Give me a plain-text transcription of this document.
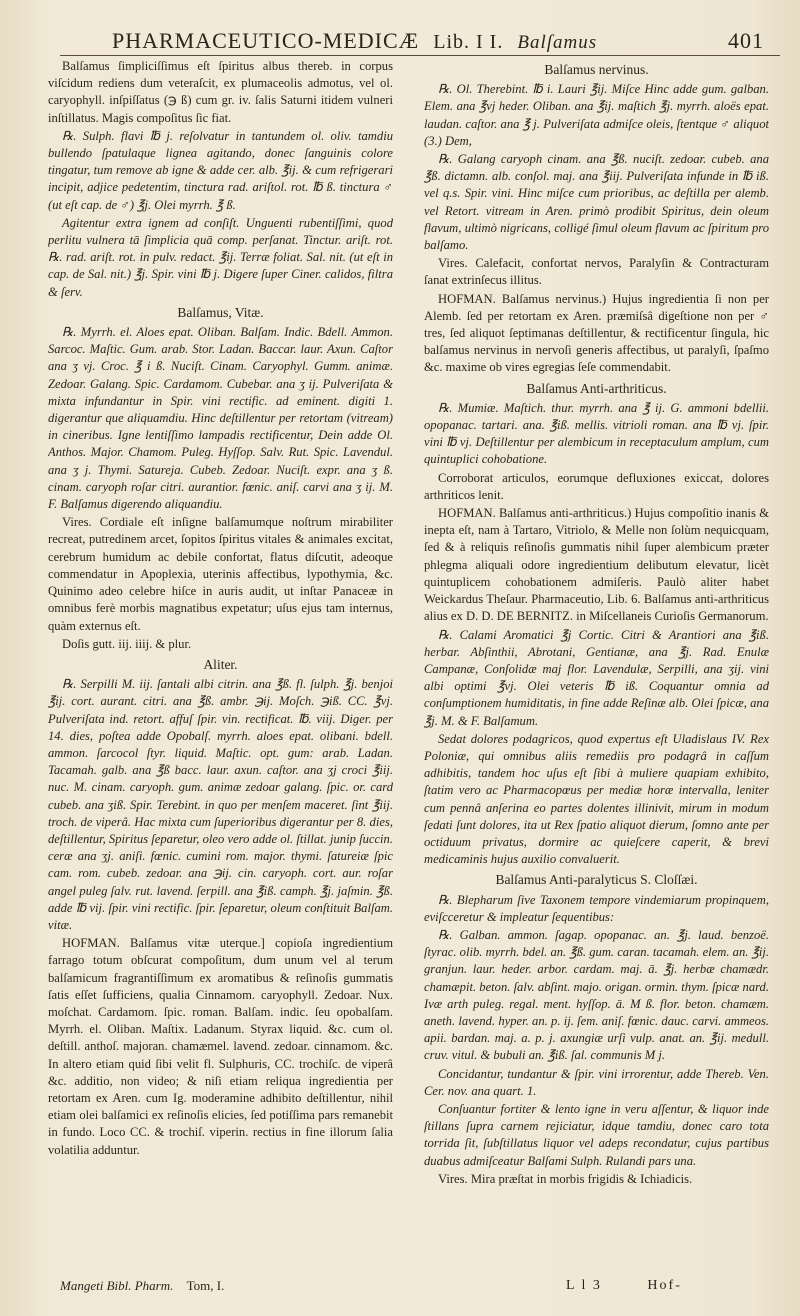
PHARMACEUTICO-MEDICÆ Lib. I I. Balſamus	401

Balſamus ſimpliciſſimus eſt ſpiritus albus thereb. in corpus viſcidum rediens dum veteraſcit, ex plumaceolis admotus, vel ol. caryophyll. inſpiſſatus (℈ ß) cum gr. iv. ſalis Saturni itidem vulneri inſtillatus. Magis compoſitus ſic fiat.

℞. Sulph. flavi ℔ j. reſolvatur in tantundem ol. oliv. tamdiu bullendo ſpatulaque lignea agitando, donec ſanguinis colore tingatur, tum remove ab igne & adde cer. alb. ℥ij. & cum refrigerari incipit, adjice pedetentim, tinctura rad. ariſtol. rot. ℔ ß. tinctura ♂ (ut eſt cap. de ♂) ℥j. Olei myrrh. ℥ ß.

Agitentur extra ignem ad conſiſt. Unguenti rubentiſſimi, quod perlitu vulnera tā ſimplicia quā comp. perſanat. Tinctur. ariſt. rot. ℞. rad. ariſt. rot. in pulv. redact. ℥ij. Terræ foliat. Sal. nit. (ut eſt in cap. de Sal. nit.) ℥j. Spir. vini ℔ j. Digere ſuper Ciner. calidos, filtra & ſerv.

Balſamus, Vitæ.

℞. Myrrh. el. Aloes epat. Oliban. Balſam. Indic. Bdell. Ammon. Sarcoc. Maſtic. Gum. arab. Stor. Ladan. Baccar. laur. Axun. Caſtor ana ʒ vj. Croc. ℥ i ß. Nuciſt. Cinam. Caryophyl. Gumm. animæ. Zedoar. Galang. Spic. Cardamom. Cubebar. ana ʒ ij. Pulveriſata & mixta infundantur in Spir. vini rectific. ad eminent. digiti 1. digerantur que aliquamdiu. Hinc deſtillentur per retortam (vitream) in cineribus. Igne lentiſſimo lampadis rectificentur, Dein adde Ol. Anthos. Major. Chamom. Puleg. Hyſſop. Salv. Rut. Spic. Lavendul. ana ʒ j. Thymi. Satureja. Cubeb. Zedoar. Nuciſt. expr. ana ʒ ß. cinam. caryoph roſar citri. aurantior. fœnic. aniſ. carvi ana ʒ ij. M. F. Balſamus digerendo aliquandiu.

Vires. Cordiale eſt inſigne balſamumque noſtrum mirabiliter recreat, putredinem arcet, ſopitos ſpiritus vitales & animales excitat, cerebrum humidum ac debile confortat, flatus diſcutit, adeoque commendatur in Apoplexia, uterinis affectibus, lypothymia, &c. Quinimo adeo celebre hiſce in auris audit, ut inſtar Panaceæ in omnibus ferè morbis magnatibus expetatur; uſus ejus tam internus, quàm externus eſt.

Doſis gutt. iij. iiij. & plur.

Aliter.

℞. Serpilli M. iij. ſantali albi citrin. ana ℥ß. fl. ſulph. ℥j. benjoi ℥ij. cort. aurant. citri. ana ℥ß. ambr. ℈ij. Moſch. ℈iß. CC. ℥vj. Pulveriſata ind. retort. affuſ ſpir. vin. rectificat. ℔. viij. Diger. per 14. dies, poſtea adde Opobalſ. myrrh. aloes epat. olibani. bdell. ammon. ſarcocol ſtyr. liquid. Maſtic. opt. gum: arab. Ladan. Tacamah. galb. ana ℥ß bacc. laur. axun. caſtor. ana ʒj croci ℥iij. nuc. M. cinam. caryoph. gum. animæ zedoar galang. ſpic. or. card cubeb. ana ʒiß. Spir. Terebint. in quo per menſem maceret. ſint ℥iij. troch. de viperâ. Hac mixta cum ſuperioribus digerantur per 8. dies, deſtillentur, Spiritus ſeparetur, oleo vero adde ol. ſtillat. junip ſuccin. ceræ ana ʒj. aniſi. fœnic. cumini rom. major. thymi. ſatureiæ ſpic cam. rom. cubeb. zedoar. ana ℈ij. cin. caryoph. cort. aur. roſar angel puleg ſalv. rut. lavend. ſerpill. ana ℥iß. camph. ℥j. jaſmin. ℥ß. adde ℔ vij. ſpir. vini rectific. ſpir. ſeparetur, oleum conſtituit Balſam. vitæ.

HOFMAN. Balſamus vitæ uterque.] copioſa ingredientium farrago totum obſcurat compoſitum, dum unum vel al terum balſamicum fragrantiſſimum ex aromatibus & reſinoſis gummatis ſatis eſſet ſufficiens, qualia Cinnamom. caryophyll. Zedoar. Nux. moſchat. Cardamom. ſpic. roman. Balſam. indic. ſeu opobalſam. Myrrh. el. Oliban. Maſtix. Ladanum. Styrax liquid. &c. cum ol. deſtill. anthoſ. majoran. chamæmel. lavend. zedoar. cinnamom. &c. In altero etiam quid ſibi velit fl. Sulphuris, CC. trochiſc. de viperâ &c. additio, non video; & niſi etiam reliqua ingredientia per retortam ex Aren. cum Ig. moderamine adhibito deſtillentur, nihil etiam olei balſamici ex reſinoſis elicies, ſed potiſſima pars remanebit in fundo. Loco CC. & trochiſ. viperin. rectius in fine illorum ſalia volatilia adduntur.

Balſamus nervinus.

℞. Ol. Therebint. ℔ i. Lauri ℥ij. Miſce Hinc adde gum. galban. Elem. ana ℥vj heder. Oliban. ana ℥ij. maſtich ℥j. myrrh. aloës epat. laudan. caſtor. ana ℥ j. Pulveriſata admiſce oleis, ſtentque ♂ aliquot (3.) Dem,

℞. Galang caryoph cinam. ana ℥ß. nuciſt. zedoar. cubeb. ana ℥ß. dictamn. alb. conſol. maj. ana ℥iij. Pulveriſata infunde in ℔ iß. vel q.s. Spir. vini. Hinc miſce cum prioribus, ac deſtilla per alemb. vel Retort. vitream in Aren. primò prodibit Spiritus, dein oleum flavum, ultimò nigricans, colligé ſimul oleum flavum ac ſpiritum pro balſamo.

Vires. Calefacit, confortat nervos, Paralyſin & Contracturam ſanat extrinſecus illitus.

HOFMAN. Balſamus nervinus.) Hujus ingredientia ſi non per Alemb. ſed per retortam ex Aren. præmiſsâ digeſtione non per ♂ tres, ſed aliquot ſeptimanas deſtillentur, & rectificentur ſingula, hic balſamus nervinus in nervoſi generis affectibus, ut paralyſi, ſpaſmo &c. maxime ob vires egregias ſeſe commendabit.

Balſamus Anti-arthriticus.

℞. Mumiæ. Maſtich. thur. myrrh. ana ℥ ij. G. ammoni bdellii. opopanac. tartari. ana. ℥iß. mellis. vitrioli roman. ana ℔ vj. ſpir. vini ℔ vj. Deſtillentur per alembicum in receptaculum amplum, cum quintuplici cohobatione.

Corroborat articulos, eorumque defluxiones exiccat, dolores arthriticos lenit.

HOFMAN. Balſamus anti-arthriticus.) Hujus compoſitio inanis & inepta eſt, nam à Tartaro, Vitriolo, & Melle non ſolùm nequicquam, ſed & à reliquis reſinoſis gummatis nihil ſuper alembicum præter phlegma aliquali odore ingredientium delibutum elevatur, licèt quintuplicem cohobationem admiſeris. Paulò aliter habet Weickardus Theſaur. Pharmaceutio, Lib. 6. Balſamus anti-arthriticus alius ex D. D. DE BERNITZ. in Miſcellaneis Curioſis Germanorum.

℞. Calami Aromatici ℥j Cortic. Citri & Arantiori ana ℥iß. herbar. Abſinthii, Abrotani, Gentianæ, ana ℥j. Rad. Enulæ Campanæ, Conſolidæ maj flor. Lavendulæ, Serpilli, ana ʒij. vini albi optimi ℥vj. Olei veteris ℔ iß. Coquantur omnia ad conſumptionem humiditatis, in fine adde Reſinæ alb. Olei ſpicæ, ana ℥j. M. & F. Balſamum.

Sedat dolores podagricos, quod expertus eſt Uladislaus IV. Rex Poloniæ, qui omnibus aliis remediis pro podagrâ in caſſum adhibitis, tandem hoc uſus eſt ſibi à muliere quapiam exhibito, ſtatim vero ac Pharmacopœus per mediæ horæ intervalla, leniter cum pennâ anſerina eo partes dolentes illinivit, mirum in modum ſedati ſunt dolores, ita ut Rex ſpatio aliquot dierum, ſomno ante per octiduum privatus, dormire ac quieſcere caperit, & brevi medicaminis hujus auxilio convaluerit.

Balſamus Anti-paralyticus S. Cloſſæi.

℞. Blepharum ſive Taxonem tempore vindemiarum propinquem, eviſcceretur & impleatur ſequentibus:

℞. Galban. ammon. ſagap. opopanac. an. ℥j. laud. benzoë. ſtyrac. olib. myrrh. bdel. an. ℥ß. gum. caran. tacamah. elem. an. ℥ij. granjun. laur. heder. arbor. cardam. maj. ā. ℥j. herbæ chamædr. chamæpit. beton. ſalv. abſint. majo. origan. ormin. thym. ſpicæ nard. Ivæ arth puleg. regal. ment. hyſſop. ā. M ß. flor. beton. chamæm. aneth. lavend. hyper. an. p. ij. ſem. aniſ. fœnic. dauc. carvi. ammeos. apii. bardan. maj. a. p. j. axungiæ urſi vulp. anat. an. ℥ij. medull. cruv. vitul. & bubuli an. ℥iß. ſal. communis M j.

Concidantur, tundantur & ſpir. vini irrorentur, adde Thereb. Ven. Cer. nov. ana quart. 1.

Conſuantur fortiter & lento igne in veru aſſentur, & liquor inde ſtillans ſupra carnem rejiciatur, idque tamdiu, donec caro tota torrida ſit, ſubſtillatus liquor vel adeps recondatur, cujus partibus duabus admiſceatur Balſami Sulph. Rulandi pars una.

Vires. Mira præſtat in morbis frigidis & Ichiadicis.

Mangeti Bibl. Pharm. Tom, I.	L l 3	Hof-
